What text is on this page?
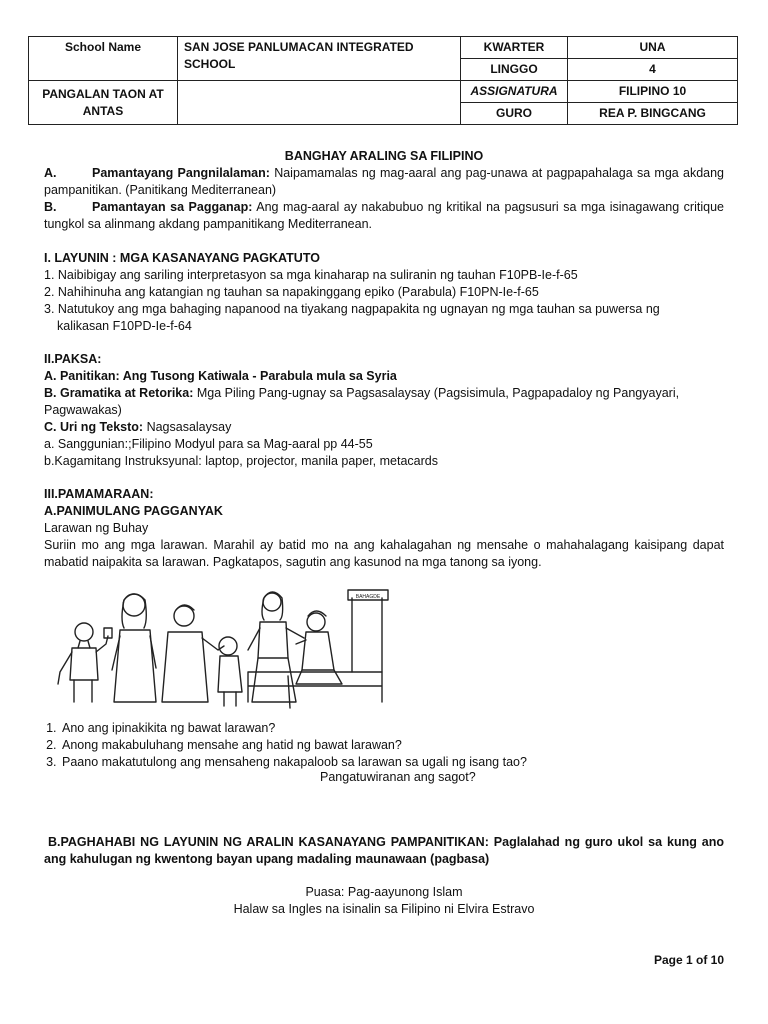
School Name	SAN JOSE PANLUMACAN INTEGRATED SCHOOL	KWARTER	UNA
		LINGGO	4
PANGALAN TAON AT ANTAS		ASSIGNATURA	FILIPINO 10
		GURO	REA P. BINGCANG
BANGHAY ARALING SA FILIPINO
A.	Pamantayang Pangnilalaman: Naipamamalas ng mag-aaral ang pag-unawa at pagpapahalaga sa mga akdang pampanitikan. (Panitikang Mediterranean)
B.	Pamantayan sa Pagganap: Ang mag-aaral ay nakabubuo ng kritikal na pagsusuri sa mga isinagawang critique tungkol sa alinmang akdang pampanitikang Mediterranean.
I. LAYUNIN : MGA KASANAYANG PAGKATUTO
1. Naibibigay ang sariling interpretasyon sa mga kinaharap na suliranin ng tauhan F10PB-Ie-f-65
2. Nahihinuha ang katangian ng tauhan sa napakinggang epiko (Parabula) F10PN-Ie-f-65
3. Natutukoy ang mga bahaging napanood na tiyakang nagpapakita ng ugnayan ng mga tauhan sa puwersa ng
kalikasan F10PD-Ie-f-64
II.PAKSA:
A. Panitikan: Ang Tusong Katiwala - Parabula mula sa Syria
B. Gramatika at Retorika: Mga Piling Pang-ugnay sa Pagsasalaysay (Pagsisimula, Pagpapadaloy ng Pangyayari,
Pagwawakas)
C. Uri ng Teksto: Nagsasalaysay
a. Sanggunian:;Filipino Modyul para sa Mag-aaral pp 44-55
b.Kagamitang Instruksyunal: laptop, projector, manila paper, metacards
III.PAMAMARAAN:
A.PANIMULANG PAGGANYAK
Larawan ng Buhay
Suriin mo ang mga larawan. Marahil ay batid mo na ang kahalagahan ng mensahe o mahahalagang kaisipang dapat mabatid naipakita sa larawan. Pagkatapos, sagutin ang kasunod na mga tanong sa iyong.
BAHAGDE
1. Ano ang ipinakikita ng bawat larawan?
2. Anong makabuluhang mensahe ang hatid ng bawat larawan?
3. Paano makatutulong ang mensaheng nakapaloob sa larawan sa ugali ng isang tao?
Pangatuwiranan ang sagot?
B.PAGHAHABI NG LAYUNIN NG ARALIN KASANAYANG PAMPANITIKAN: Paglalahad ng guro ukol sa kung ano ang kahulugan ng kwentong bayan upang madaling maunawaan (pagbasa)
Puasa: Pag-aayunong Islam
Halaw sa Ingles na isinalin sa Filipino ni Elvira Estravo
Page 1 of 10
